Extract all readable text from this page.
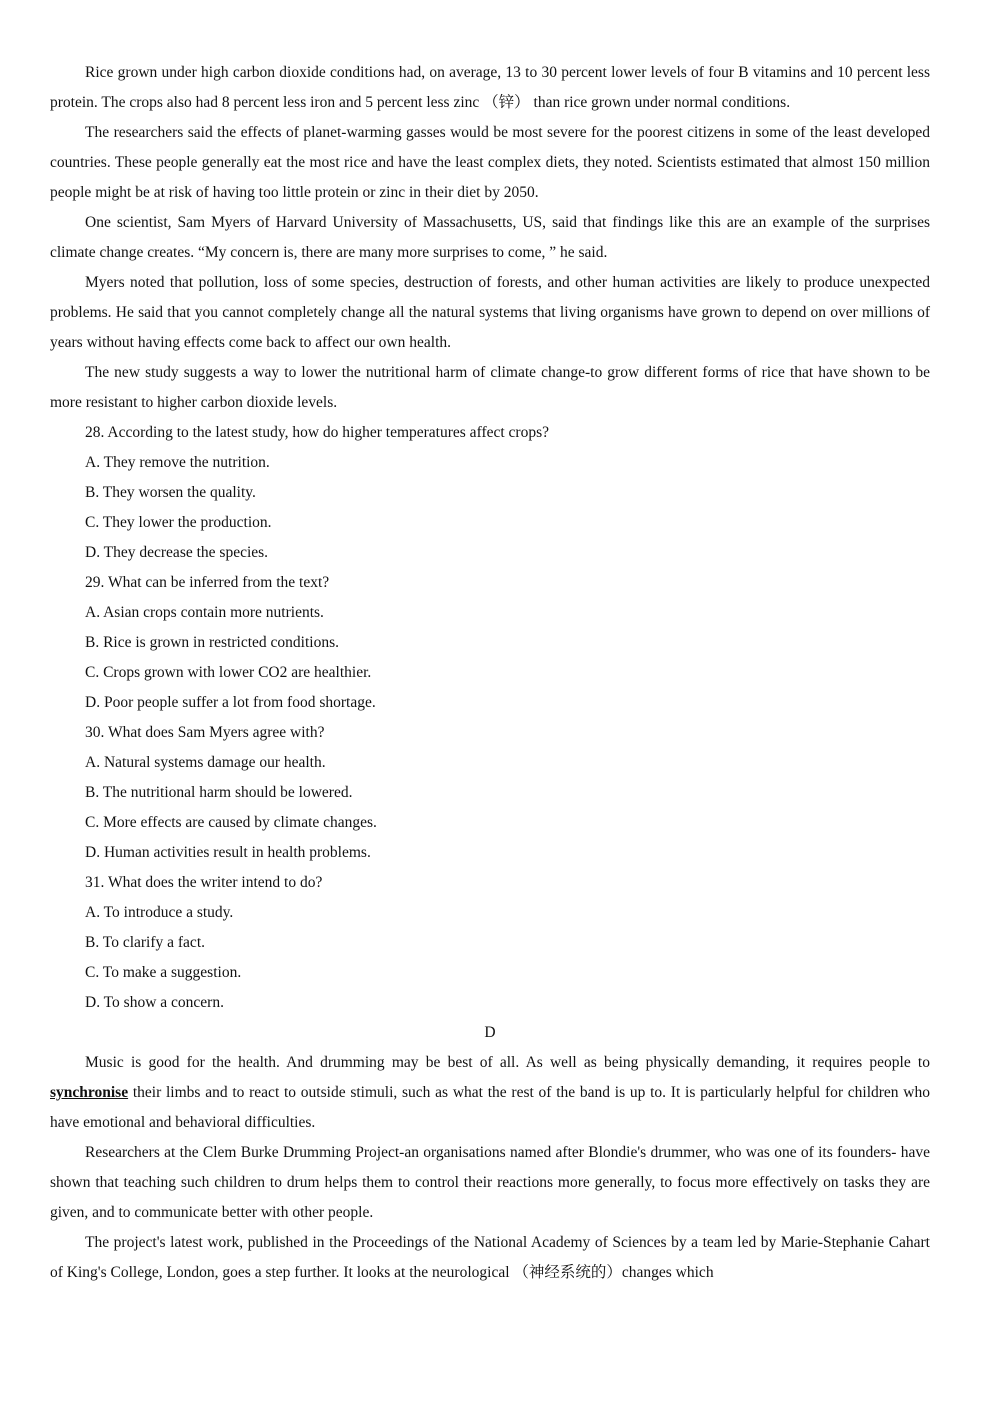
Rice grown under high carbon dioxide conditions had, on average, 13 to 30 percent lower levels of four B vitamins and 10 percent less protein. The crops also had 8 percent less iron and 5 percent less zinc （锌） than rice grown under normal conditions.

The researchers said the effects of planet-warming gasses would be most severe for the poorest citizens in some of the least developed countries. These people generally eat the most rice and have the least complex diets, they noted. Scientists estimated that almost 150 million people might be at risk of having too little protein or zinc in their diet by 2050.

One scientist, Sam Myers of Harvard University of Massachusetts, US, said that findings like this are an example of the surprises climate change creates. “My concern is, there are many more surprises to come, ” he said.

Myers noted that pollution, loss of some species, destruction of forests, and other human activities are likely to produce unexpected problems. He said that you cannot completely change all the natural systems that living organisms have grown to depend on over millions of years without having effects come back to affect our own health.

The new study suggests a way to lower the nutritional harm of climate change-to grow different forms of rice that have shown to be more resistant to higher carbon dioxide levels.

28. According to the latest study, how do higher temperatures affect crops?

A. They remove the nutrition.

B. They worsen the quality.

C. They lower the production.

D. They decrease the species.

29. What can be inferred from the text?

A. Asian crops contain more nutrients.

B. Rice is grown in restricted conditions.

C. Crops grown with lower CO2 are healthier.

D. Poor people suffer a lot from food shortage.

30. What does Sam Myers agree with?

A. Natural systems damage our health.

B. The nutritional harm should be lowered.

C. More effects are caused by climate changes.

D. Human activities result in health problems.

31. What does the writer intend to do?

A. To introduce a study.

B. To clarify a fact.

C. To make a suggestion.

D. To show a concern.

D

Music is good for the health. And drumming may be best of all. As well as being physically demanding, it requires people to synchronise their limbs and to react to outside stimuli, such as what the rest of the band is up to. It is particularly helpful for children who have emotional and behavioral difficulties.

Researchers at the Clem Burke Drumming Project-an organisations named after Blondie's drummer, who was one of its founders- have shown that teaching such children to drum helps them to control their reactions more generally, to focus more effectively on tasks they are given, and to communicate better with other people.

The project's latest work, published in the Proceedings of the National Academy of Sciences by a team led by Marie-Stephanie Cahart of King's College, London, goes a step further. It looks at the neurological （神经系统的）changes which
